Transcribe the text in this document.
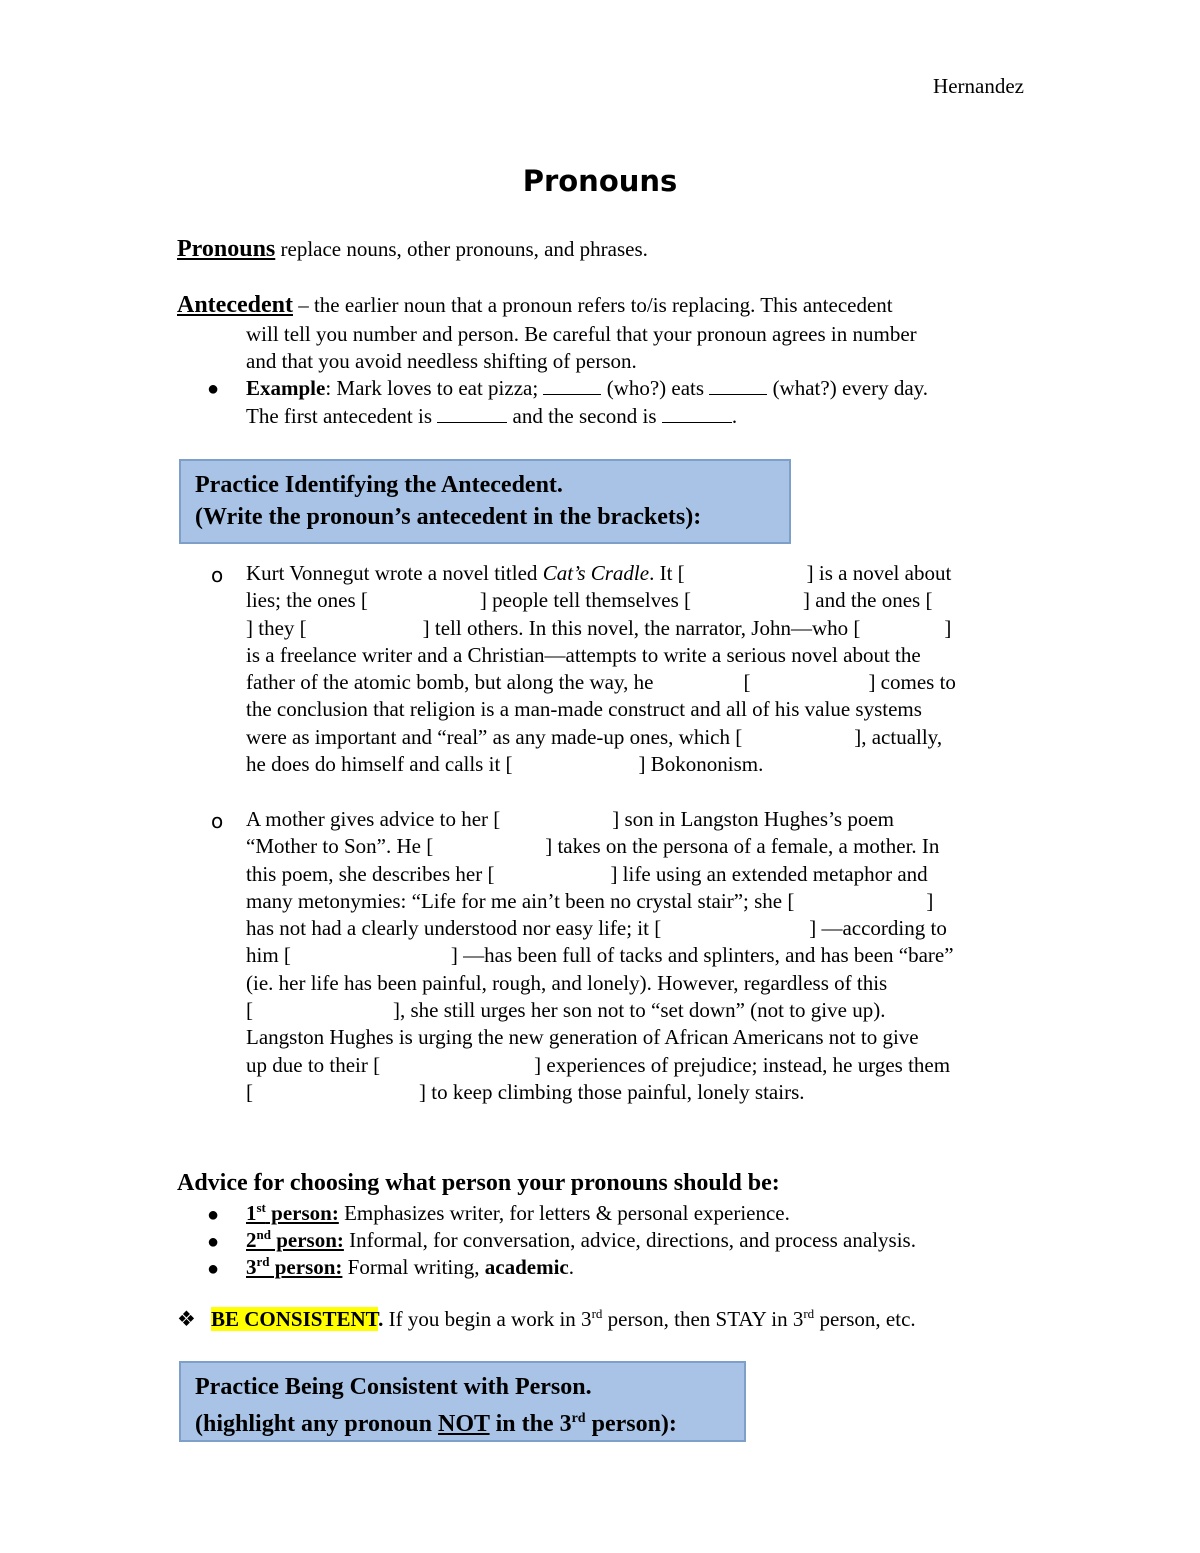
Hernandez
Pronouns
Pronouns replace nouns, other pronouns, and phrases.
Antecedent – the earlier noun that a pronoun refers to/is replacing. This antecedent
will tell you number and person. Be careful that your pronoun agrees in number
and that you avoid needless shifting of person.
● Example: Mark loves to eat pizza;	(who?) eats	(what?) every day.
The first antecedent is	and the second is	.
Practice Identifying the Antecedent.
(Write the pronoun’s antecedent in the brackets):
o Kurt Vonnegut wrote a novel titled Cat’s Cradle. It [	] is a novel about

lies; the ones [	] people tell themselves [	] and the ones [

] they [	] tell others. In this novel, the narrator, John—who [	]

is a freelance writer and a Christian—attempts to write a serious novel about the

father of the atomic bomb, but along the way, he	[	] comes to

the conclusion that religion is a man-made construct and all of his value systems

were as important and “real” as any made-up ones, which [	], actually,

he does do himself and calls it [	] Bokononism.

o A mother gives advice to her [	] son in Langston Hughes’s poem

“Mother to Son”. He [	] takes on the persona of a female, a mother. In

this poem, she describes her [	] life using an extended metaphor and

many metonymies: “Life for me ain’t been no crystal stair”; she [	]

has not had a clearly understood nor easy life; it [	] —according to

him [	] —has been full of tacks and splinters, and has been “bare”

(ie. her life has been painful, rough, and lonely). However, regardless of this

[	], she still urges her son not to “set down” (not to give up).

Langston Hughes is urging the new generation of African Americans not to give

up due to their [	] experiences of prejudice; instead, he urges them

[	] to keep climbing those painful, lonely stairs.

Advice for choosing what person your pronouns should be:
● 1st person: Emphasizes writer, for letters & personal experience.
● 2nd person: Informal, for conversation, advice, directions, and process analysis.
● 3rd person: Formal writing, academic.
❖ BE CONSISTENT. If you begin a work in 3rd person, then STAY in 3rd person, etc.
Practice Being Consistent with Person.
(highlight any pronoun NOT in the 3rd person):
